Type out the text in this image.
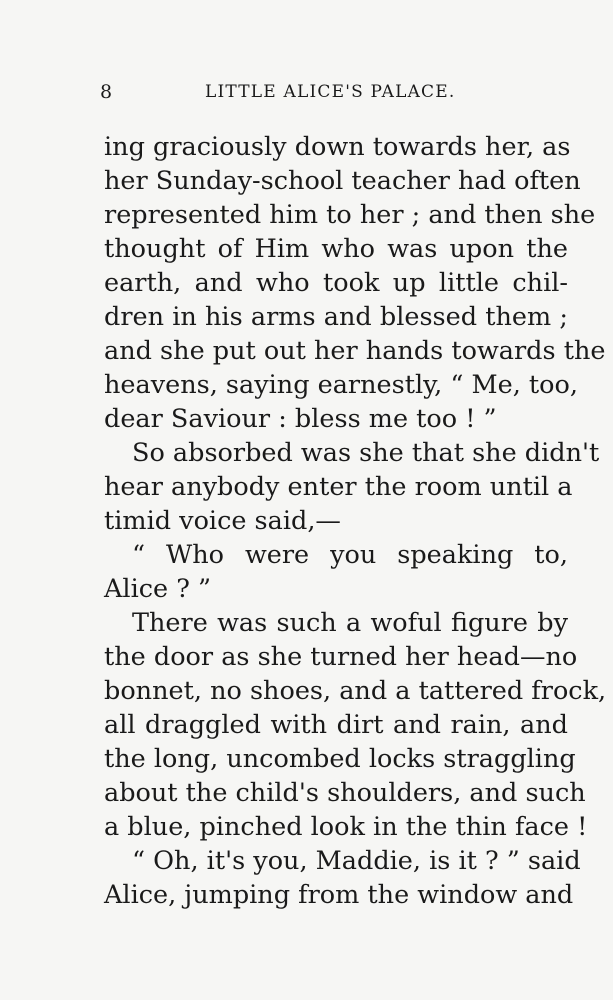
8	LITTLE ALICE'S PALACE.
ing graciously down towards her, as
her Sunday-school teacher had often
represented him to her ; and then she
thought of Him who was upon the
earth, and who took up little chil-
dren in his arms and blessed them ;
and she put out her hands towards the
heavens, saying earnestly, “ Me, too,
dear Saviour : bless me too ! ”
So absorbed was she that she didn't
hear anybody enter the room until a
timid voice said,—
“ Who were you speaking to,
Alice ? ”
There was such a woful figure by
the door as she turned her head—no
bonnet, no shoes, and a tattered frock,
all draggled with dirt and rain, and
the long, uncombed locks straggling
about the child's shoulders, and such
a blue, pinched look in the thin face !
“ Oh, it's you, Maddie, is it ? ” said
Alice, jumping from the window and
